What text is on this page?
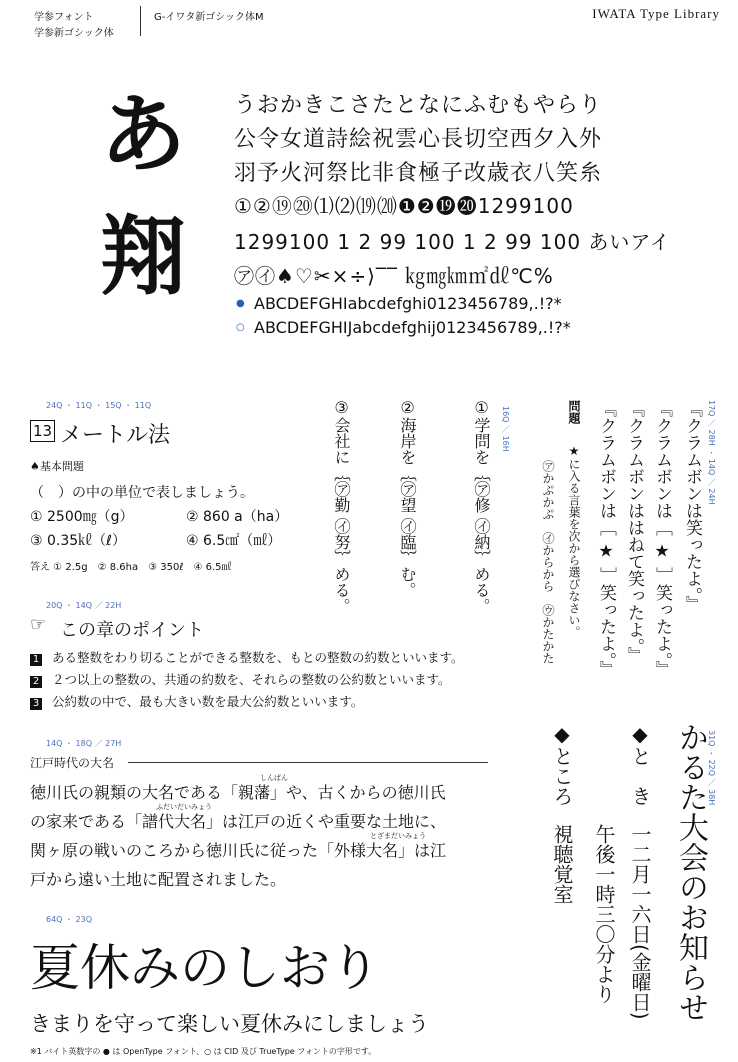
学参フォント
学参新ゴシック体
G-イワタ新ゴシック体M	IWATA Type Library
あ
翔
うおかきこさたとなにふむもやらり
公令女道詩絵祝雲心長切空西夕入外
羽予火河祭比非食極子改歳衣八笑糸
①②⑲⑳⑴⑵⒆⒇❶❷⓳⓴1299100
1299100 1 2 99 100 1 2 99 100 あいアイ
㋐㋑♠♡✂×÷⟩‾‾ ㎏㎎㎞㎡㎗℃%
● ABCDEFGHIabcdefghi0123456789,.!?*
○ ABCDEFGHIJabcdefghij0123456789,.!?*
24Q ・ 11Q ・ 15Q ・ 11Q
13 メートル法
♠基本問題
（　）の中の単位で表しましょう。
① 2500㎎（g）	② 860 a（ha）
③ 0.35㎘（ℓ）	④ 6.5㎠（㎖）
答え ① 2.5g　② 8.6ha　③ 350ℓ　④ 6.5㎖
16Q ／ 16H
①学問を｛㋐修 ㋑納｝める。
②海岸を｛㋐望 ㋑臨｝む。
③会社に｛㋐勤 ㋑努｝める。	問題
★に入る言葉を次から選びなさい。
㋐かぷかぷ　㋑からから　㋒かたかた
17Q ／ 28H ・ 14Q ／ 24H
『クラムボンは笑ったよ。』
『クラムボンは［ ★ ］笑ったよ。』
『クラムボンははねて笑ったよ。』
『クラムボンは［ ★ ］笑ったよ。』
20Q ・ 14Q ／ 22H
☞ この章のポイント
1 ある整数をわり切ることができる整数を、もとの整数の約数といいます。
2 ２つ以上の整数の、共通の約数を、それらの整数の公約数といいます。
3 公約数の中で、最も大きい数を最大公約数といいます。
14Q ・ 18Q ／ 27H
江戸時代の大名
しんぱん
ふだいだいみょう
とざまだいみょう
徳川氏の親類の大名である「親藩」や、古くからの徳川氏
の家来である「譜代大名」は江戸の近くや重要な土地に、
関ヶ原の戦いのころから徳川氏に従った「外様大名」は江
戸から遠い土地に配置されました。
64Q ・ 23Q
夏休みのしおり
きまりを守って楽しい夏休みにしましょう
31Q ・ 22Q ／ 38H
かるた大会のお知らせ
◆と　き
一二月一六日(金曜日)
午後一時三〇分より
◆ところ
視聴覚室
※1 バイト英数字の ● は OpenType フォント、○ は CID 及び TrueType フォントの字形です。
